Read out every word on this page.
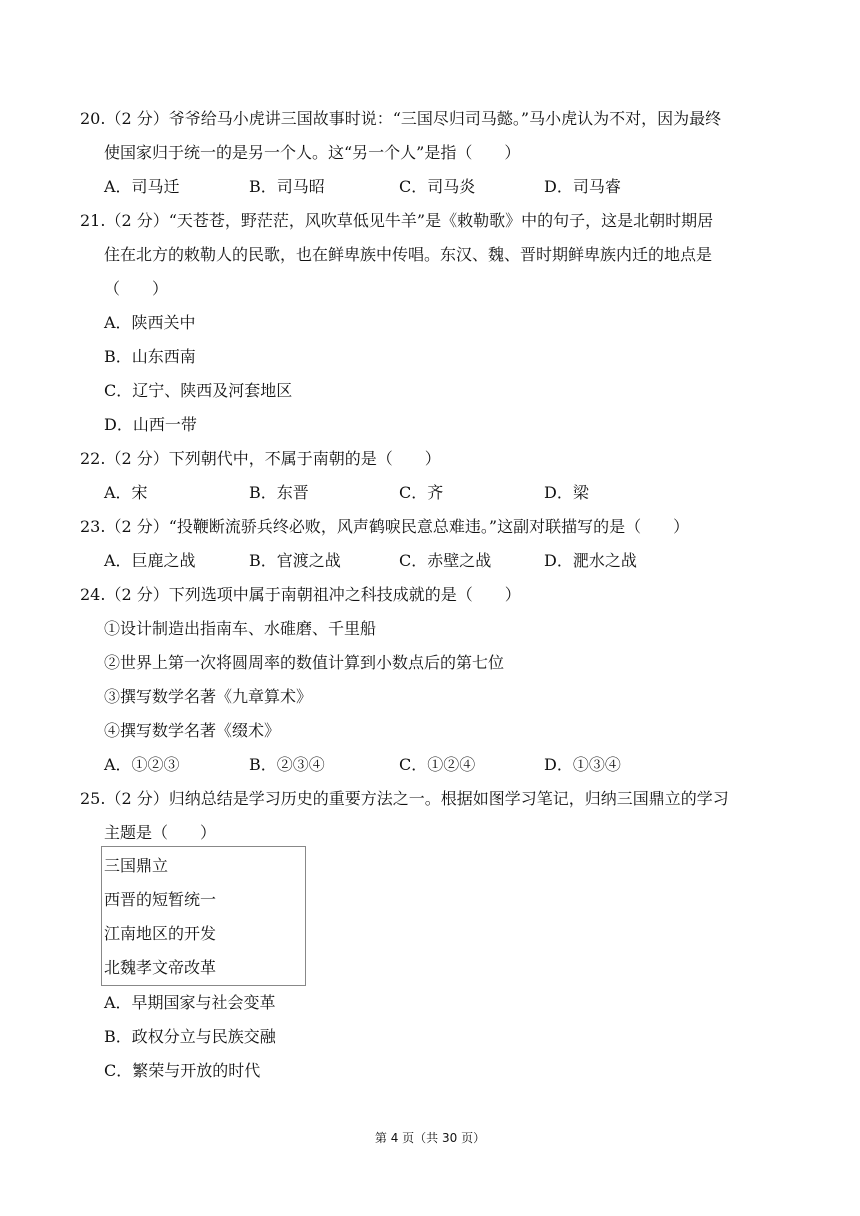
20.（2 分）爷爷给马小虎讲三国故事时说：“三国尽归司马懿。”马小虎认为不对，因为最终
使国家归于统一的是另一个人。这“另一个人”是指（　　）
A．司马迁	B．司马昭	C．司马炎	D．司马睿
21.（2 分）“天苍苍，野茫茫，风吹草低见牛羊”是《敕勒歌》中的句子，这是北朝时期居
住在北方的敕勒人的民歌，也在鲜卑族中传唱。东汉、魏、晋时期鲜卑族内迁的地点是
（　　）
A．陕西关中
B．山东西南
C．辽宁、陕西及河套地区
D．山西一带
22.（2 分）下列朝代中，不属于南朝的是（　　）
A．宋	B．东晋	C．齐	D．梁
23.（2 分）“投鞭断流骄兵终必败，风声鹤唳民意总难违。”这副对联描写的是（　　）
A．巨鹿之战	B．官渡之战	C．赤壁之战	D．淝水之战
24.（2 分）下列选项中属于南朝祖冲之科技成就的是（　　）
①设计制造出指南车、水碓磨、千里船
②世界上第一次将圆周率的数值计算到小数点后的第七位
③撰写数学名著《九章算术》
④撰写数学名著《缀术》
A．①②③	B．②③④	C．①②④	D．①③④
25.（2 分）归纳总结是学习历史的重要方法之一。根据如图学习笔记，归纳三国鼎立的学习
主题是（　　）
三国鼎立
西晋的短暂统一
江南地区的开发
北魏孝文帝改革
A．早期国家与社会变革
B．政权分立与民族交融
C．繁荣与开放的时代
第 4 页（共 30 页）
